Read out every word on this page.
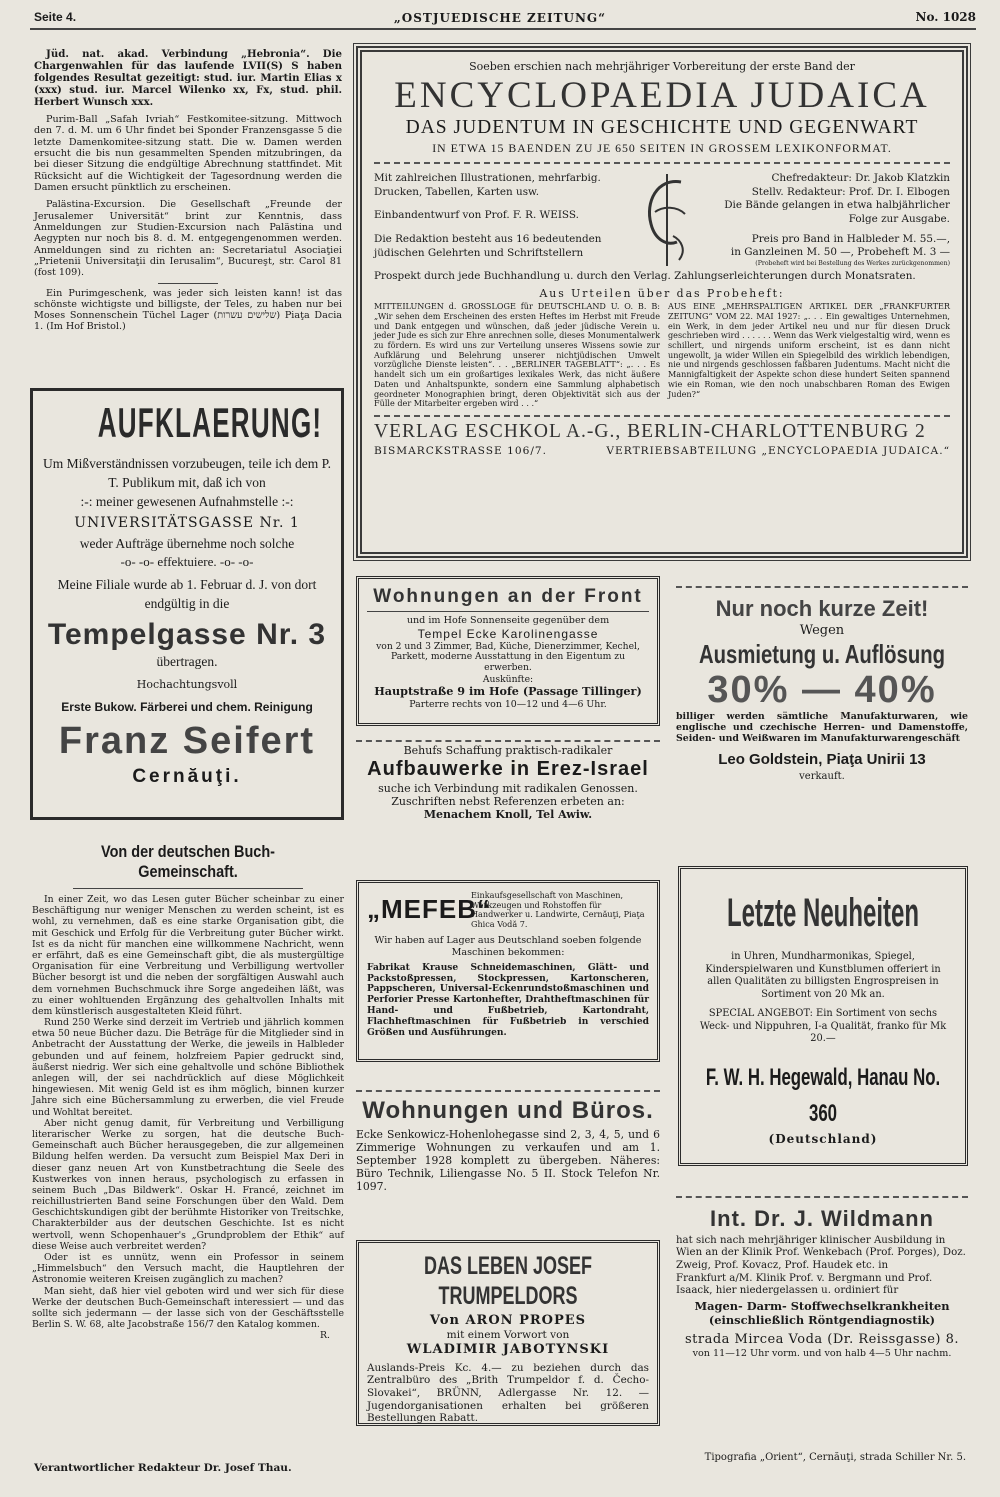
Seite 4.	„OSTJUEDISCHE ZEITUNG“	No. 1028

Jüd. nat. akad. Verbindung „Hebronia“. Die Chargenwahlen für das laufende LVII(S) S haben folgendes Resultat gezeitigt: stud. iur. Martin Elias x (xxx) stud. iur. Marcel Wilenko xx, Fx, stud. phil. Herbert Wunsch xxx.

Purim-Ball „Safah Ivriah“ Festkomitee-sitzung. Mittwoch den 7. d. M. um 6 Uhr findet bei Sponder Franzensgasse 5 die letzte Damenkomitee-sitzung statt. Die w. Damen werden ersucht die bis nun gesammelten Spenden mitzubringen, da bei dieser Sitzung die endgültige Abrechnung stattfindet. Mit Rücksicht auf die Wichtigkeit der Tagesordnung werden die Damen ersucht pünktlich zu erscheinen.

Palästina-Excursion. Die Gesellschaft „Freunde der Jerusalemer Universität“ brint zur Kenntnis, dass Anmeldungen zur Studien-Excursion nach Palästina und Aegypten nur noch bis 8. d. M. entgegengenommen werden. Anmeldungen sind zu richten an: Secretariatul Asociaţiei „Prietenii Universitaţii din Ierusalim“, Bucureşt, str. Carol 81 (fost 109).

Ein Purimgeschenk, was jeder sich leisten kann! ist das schönste wichtigste und billigste, der Teles, zu haben nur bei Moses Sonnenschein Tüchel Lager (שלישים עשרות) Piaţa Dacia 1. (Im Hof Bristol.)

AUFKLAERUNG!
Um Mißverständnissen vorzubeugen, teile ich dem P. T. Publikum mit, daß ich von
:-: meiner gewesenen Aufnahmstelle :-:
UNIVERSITÄTSGASSE Nr. 1
weder Aufträge übernehme noch solche
-o- -o- effektuiere. -o- -o-
Meine Filiale wurde ab 1. Februar d. J. von dort endgültig in die
Tempelgasse Nr. 3
übertragen.
Hochachtungsvoll
Erste Bukow. Färberei und chem. Reinigung
Franz Seifert
Cernăuţi.
Von der deutschen Buch-Gemeinschaft.

In einer Zeit, wo das Lesen guter Bücher scheinbar zu einer Beschäftigung nur weniger Menschen zu werden scheint, ist es wohl, zu vernehmen, daß es eine starke Organisation gibt, die mit Geschick und Erfolg für die Verbreitung guter Bücher wirkt. Ist es da nicht für manchen eine willkommene Nachricht, wenn er erfährt, daß es eine Gemeinschaft gibt, die als mustergültige Organisation für eine Verbreitung und Verbilligung wertvoller Bücher besorgt ist und die neben der sorgfältigen Auswahl auch dem vornehmen Buchschmuck ihre Sorge angedeihen läßt, was zu einer wohltuenden Ergänzung des gehaltvollen Inhalts mit dem künstlerisch ausgestalteten Kleid führt.

Rund 250 Werke sind derzeit im Vertrieb und jährlich kommen etwa 50 neue Bücher dazu. Die Beträge für die Mitglieder sind in Anbetracht der Ausstattung der Werke, die jeweils in Halbleder gebunden und auf feinem, holzfreiem Papier gedruckt sind, äußerst niedrig. Wer sich eine gehaltvolle und schöne Bibliothek anlegen will, der sei nachdrücklich auf diese Möglichkeit hingewiesen. Mit wenig Geld ist es ihm möglich, binnen kurzer Jahre sich eine Büchersammlung zu erwerben, die viel Freude und Wohltat bereitet.

Aber nicht genug damit, für Verbreitung und Verbilligung literarischer Werke zu sorgen, hat die deutsche Buch-Gemeinschaft auch Bücher herausgegeben, die zur allgemeinen Bildung helfen werden. Da versucht zum Beispiel Max Deri in dieser ganz neuen Art von Kunstbetrachtung die Seele des Kustwerkes von innen heraus, psychologisch zu erfassen in seinem Buch „Das Bildwerk“. Oskar H. Francé, zeichnet im reichillustrierten Band seine Forschungen über den Wald. Dem Geschichtskundigen gibt der berühmte Historiker von Treitschke, Charakterbilder aus der deutschen Geschichte. Ist es nicht wertvoll, wenn Schopenhauer's „Grundproblem der Ethik“ auf diese Weise auch verbreitet werden?

Oder ist es unnütz, wenn ein Professor in seinem „Himmelsbuch“ den Versuch macht, die Hauptlehren der Astronomie weiteren Kreisen zugänglich zu machen?

Man sieht, daß hier viel geboten wird und wer sich für diese Werke der deutschen Buch-Gemeinschaft interessiert — und das sollte sich jedermann — der lasse sich von der Geschäftsstelle Berlin S. W. 68, alte Jacobstraße 156/7 den Katalog kommen.

R.

Soeben erschien nach mehrjähriger Vorbereitung der erste Band der
ENCYCLOPAEDIA JUDAICA
DAS JUDENTUM IN GESCHICHTE UND GEGENWART
IN ETWA 15 BAENDEN ZU JE 650 SEITEN IN GROSSEM LEXIKONFORMAT.
Mit zahlreichen Illustrationen, mehrfarbig. Drucken, Tabellen, Karten usw.
Einbandentwurf von Prof. F. R. WEISS.
Die Redaktion besteht aus 16 bedeutenden jüdischen Gelehrten und Schriftstellern
Chefredakteur: Dr. Jakob Klatzkin
Stellv. Redakteur: Prof. Dr. I. Elbogen
Die Bände gelangen in etwa halbjährlicher Folge zur Ausgabe.
Preis pro Band in Halbleder M. 55.—,
in Ganzleinen M. 50 —, Probeheft M. 3 —
(Probeheft wird bei Bestellung des Werkes zurückgenommen)
Prospekt durch jede Buchhandlung u. durch den Verlag. Zahlungserleichterungen durch Monatsraten.
Aus Urteilen über das Probeheft:
MITTEILUNGEN d. GROSSLOGE für DEUTSCHLAND U. O. B. B: „Wir sehen dem Erscheinen des ersten Heftes im Herbst mit Freude und Dank entgegen und wünschen, daß jeder jüdische Verein u. jeder Jude es sich zur Ehre anrechnen solle, dieses Monumentalwerk zu fördern. Es wird uns zur Verteilung unseres Wissens sowie zur Aufklärung und Belehrung unserer nichtjüdischen Umwelt vorzügliche Dienste leisten“. . . „BERLINER TAGEBLATT“: „. . . Es handelt sich um ein großartiges lexikales Werk, das nicht äußere Daten und Anhaltspunkte, sondern eine Sammlung alphabetisch geordneter Monographien bringt, deren Objektivität sich aus der Fülle der Mitarbeiter ergeben wird . . .“
AUS EINE „MEHRSPALTIGEN ARTIKEL DER „FRANKFURTER ZEITUNG“ VOM 22. MAI 1927: „. . . Ein gewaltiges Unternehmen, ein Werk, in dem jeder Artikel neu und nur für diesen Druck geschrieben wird . . . . . . Wenn das Werk vielgestaltig wird, wenn es schillert, und nirgends uniform erscheint, ist es dann nicht ungewollt, ja wider Willen ein Spiegelbild des wirklich lebendigen, nie und nirgends geschlossen faßbaren Judentums. Macht nicht die Mannigfaltigkeit der Aspekte schon diese hundert Seiten spannend wie ein Roman, wie den noch unabschbaren Roman des Ewigen Juden?“
VERLAG ESCHKOL A.-G., BERLIN-CHARLOTTENBURG 2
BISMARCKSTRASSE 106/7.	VERTRIEBSABTEILUNG „ENCYCLOPAEDIA JUDAICA.“
Wohnungen an der Front
und im Hofe Sonnenseite gegenüber dem
Tempel Ecke Karolinengasse
von 2 und 3 Zimmer, Bad, Küche, Dienerzimmer, Kechel, Parkett, moderne Ausstattung in den Eigentum zu erwerben.
Auskünfte:
Hauptstraße 9 im Hofe (Passage Tillinger)
Parterre rechts von 10—12 und 4—6 Uhr.
Behufs Schaffung praktisch-radikaler
Aufbauwerke in Erez-Israel
suche ich Verbindung mit radikalen Genossen. Zuschriften nebst Referenzen erbeten an:
Menachem Knoll, Tel Awiw.
„MEFEB“
Einkaufsgesellschaft von Maschinen, Werkzeugen und Rohstoffen für Handwerker u. Landwirte, Cernăuţi, Piaţa Ghica Vodă 7.
Wir haben auf Lager aus Deutschland soeben folgende Maschinen bekommen:
Fabrikat Krause Schneidemaschinen, Glätt- und Packstoßpressen, Stockpressen, Kartonscheren, Pappscheren, Universal-Eckenrundstoßmaschinen und Perforier Presse Kartonhefter, Drahtheftmaschinen für Hand- und Fußbetrieb, Kartondraht, Flachheftmaschinen für Fußbetrieb in verschied Größen und Ausführungen.
Wohnungen und Büros.
Ecke Senkowicz-Hohenlohegasse sind 2, 3, 4, 5, und 6 Zimmerige Wohnungen zu verkaufen und am 1. September 1928 komplett zu übergeben. Näheres: Büro Technik, Liliengasse No. 5 II. Stock Telefon Nr. 1097.
DAS LEBEN JOSEF TRUMPELDORS
Von ARON PROPES
mit einem Vorwort von
WLADIMIR JABOTYNSKI
Auslands-Preis Kc. 4.— zu beziehen durch das Zentralbüro des „Brith Trumpeldor f. d. Čecho-Slovakei“, BRÜNN, Adlergasse Nr. 12. — Jugendorganisationen erhalten bei größeren Bestellungen Rabatt.
Nur noch kurze Zeit!
Wegen
Ausmietung u. Auflösung
30% — 40%
billiger werden sämtliche Manufakturwaren, wie englische und czechische Herren- und Damenstoffe, Seiden- und Weißwaren im Manufakturwarengeschäft
Leo Goldstein, Piaţa Unirii 13
verkauft.
Letzte Neuheiten
in Uhren, Mundharmonikas, Spiegel, Kinderspielwaren und Kunstblumen offeriert in allen Qualitäten zu billigsten Engrospreisen in Sortiment von 20 Mk an.
SPECIAL ANGEBOT: Ein Sortiment von sechs Weck- und Nippuhren, I-a Qualität, franko für Mk 20.—
F. W. H. Hegewald, Hanau No. 360
(Deutschland)
Int. Dr. J. Wildmann
hat sich nach mehrjähriger klinischer Ausbildung in
Wien an der Klinik Prof. Wenkebach (Prof. Porges), Doz. Zweig, Prof. Kovacz, Prof. Haudek etc. in
Frankfurt a/M. Klinik Prof. v. Bergmann und Prof. Isaack, hier niedergelassen u. ordiniert für
Magen- Darm- Stoffwechselkrankheiten
(einschließlich Röntgendiagnostik)
strada Mircea Voda (Dr. Reissgasse) 8.
von 11—12 Uhr vorm. und von halb 4—5 Uhr nachm.
Verantwortlicher Redakteur Dr. Josef Thau.
Tipografia „Orient“, Cernăuţi, strada Schiller Nr. 5.
